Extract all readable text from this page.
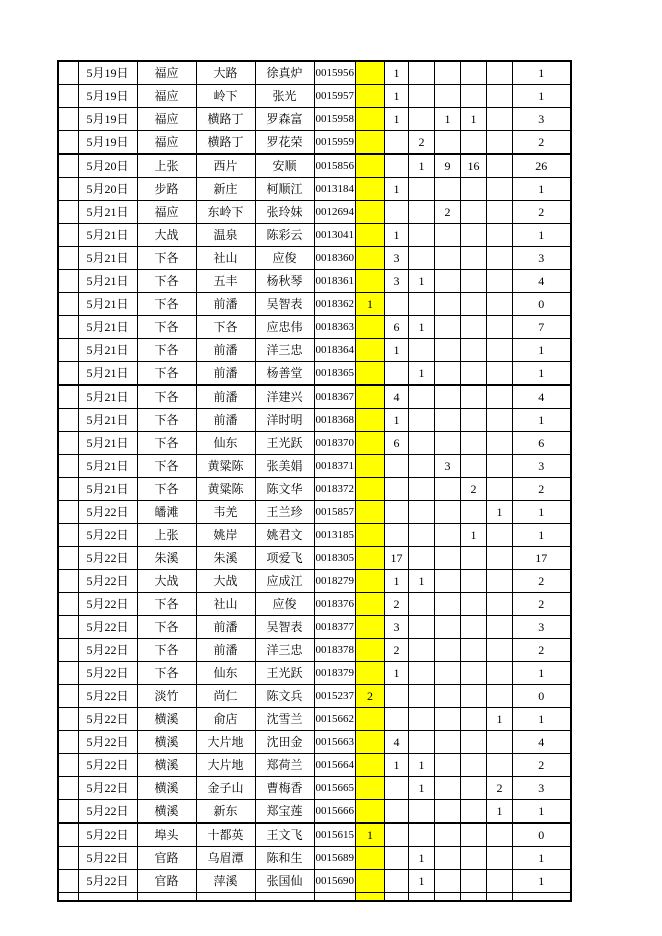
	5月19日	福应	大路	徐真炉	0015956		1					1
	5月19日	福应	岭下	张光	0015957		1					1
	5月19日	福应	横路丁	罗森富	0015958		1		1	1		3
	5月19日	福应	横路丁	罗花荣	0015959			2				2
	5月20日	上张	西片	安顺	0015856			1	9	16		26
	5月20日	步路	新庄	柯顺江	0013184		1					1
	5月21日	福应	东岭下	张玲妹	0012694				2			2
	5月21日	大战	温泉	陈彩云	0013041		1					1
	5月21日	下各	社山	应俊	0018360		3					3
	5月21日	下各	五丰	杨秋琴	0018361		3	1				4
	5月21日	下各	前潘	吴智表	0018362	1						0
	5月21日	下各	下各	应忠伟	0018363		6	1				7
	5月21日	下各	前潘	洋三忠	0018364		1					1
	5月21日	下各	前潘	杨善堂	0018365			1				1
	5月21日	下各	前潘	洋建兴	0018367		4					4
	5月21日	下各	前潘	洋时明	0018368		1					1
	5月21日	下各	仙东	王光跃	0018370		6					6
	5月21日	下各	黄粱陈	张美娟	0018371				3			3
	5月21日	下各	黄粱陈	陈文华	0018372					2		2
	5月22日	皤滩	韦羌	王兰珍	0015857						1	1
	5月22日	上张	姚岸	姚君文	0013185					1		1
	5月22日	朱溪	朱溪	项爱飞	0018305		17					17
	5月22日	大战	大战	应成江	0018279		1	1				2
	5月22日	下各	社山	应俊	0018376		2					2
	5月22日	下各	前潘	吴智表	0018377		3					3
	5月22日	下各	前潘	洋三忠	0018378		2					2
	5月22日	下各	仙东	王光跃	0018379		1					1
	5月22日	淡竹	尚仁	陈文兵	0015237	2						0
	5月22日	横溪	俞店	沈雪兰	0015662						1	1
	5月22日	横溪	大片地	沈田金	0015663		4					4
	5月22日	横溪	大片地	郑荷兰	0015664		1	1				2
	5月22日	横溪	金子山	曹梅香	0015665			1			2	3
	5月22日	横溪	新东	郑宝莲	0015666						1	1
	5月22日	埠头	十都英	王文飞	0015615	1						0
	5月22日	官路	乌眉潭	陈和生	0015689			1				1
	5月22日	官路	萍溪	张国仙	0015690			1				1
